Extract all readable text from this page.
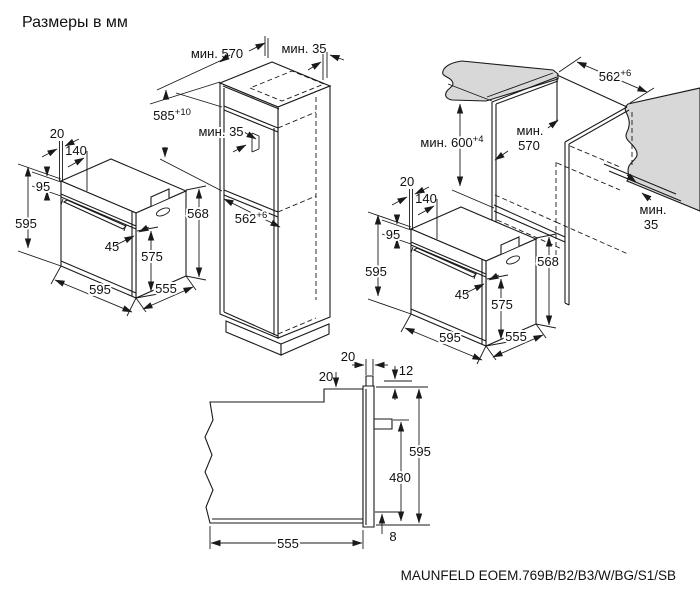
$585^{+10}$
мин. 570	мин. 35
мин. 35
$562^{+6}$
$562^{+6}$
мин. $600^{+4}$
мин.
570
мин.
35
20
20	12
595
480
8
555
20
140
95
595
45
575
568
595	555
Размеры в мм
MAUNFELD EOEM.769B/B2/B3/W/BG/S1/SB
20
140
95
595
45
575
568
595	555
